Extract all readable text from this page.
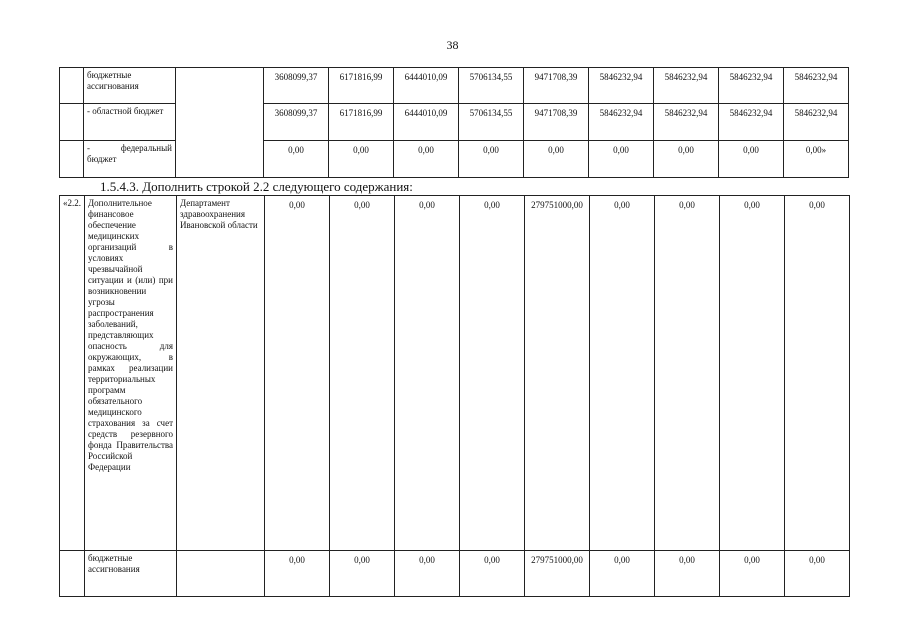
38
	бюджетные ассигнования		3608099,37	6171816,99	6444010,09	5706134,55	9471708,39	5846232,94	5846232,94	5846232,94	5846232,94
	- областной бюджет		3608099,37	6171816,99	6444010,09	5706134,55	9471708,39	5846232,94	5846232,94	5846232,94	5846232,94
	- федеральный бюджет		0,00	0,00	0,00	0,00	0,00	0,00	0,00	0,00	0,00»
1.5.4.3. Дополнить строкой 2.2 следующего содержания:
«2.2.	Дополнительное финансовое обеспечение медицинских организаций в условиях чрезвычайной ситуации и (или) при возникновении угрозы распространения заболеваний, представляющих опасность для окружающих, в рамках реализации территориальных программ обязательного медицинского страхования за счет средств резервного фонда Правительства Российской Федерации	Департамент здравоохранения Ивановской области	0,00	0,00	0,00	0,00	279751000,00	0,00	0,00	0,00	0,00
	бюджетные ассигнования		0,00	0,00	0,00	0,00	279751000,00	0,00	0,00	0,00	0,00
